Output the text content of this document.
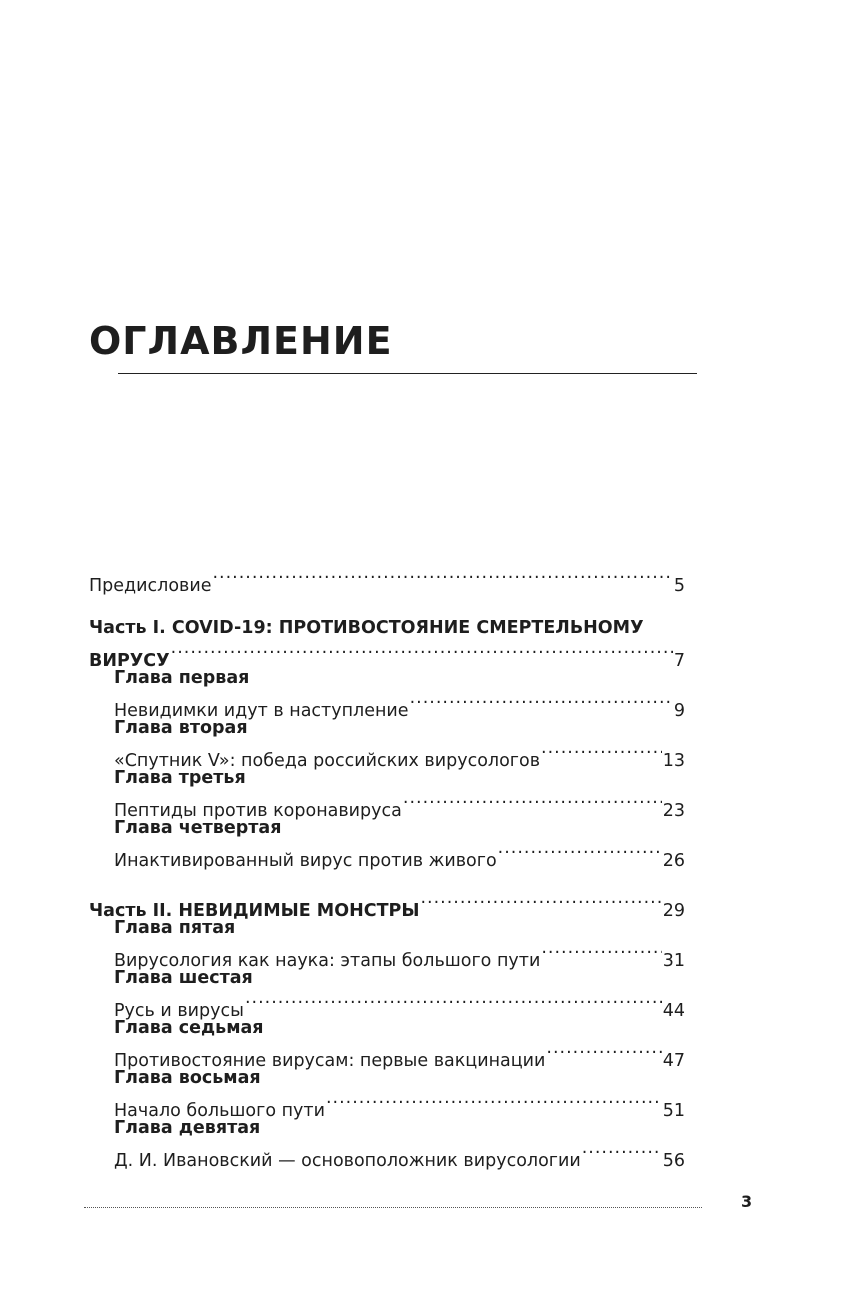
ОГЛАВЛЕНИЕ
Предисловие .....	5
Часть I. COVID-19: ПРОТИВОСТОЯНИЕ СМЕРТЕЛЬНОМУ
ВИРУСУ .....	7
Глава первая
Невидимки идут в наступление .....	9
Глава вторая
«Спутник V»: победа российских вирусологов .....	13
Глава третья
Пептиды против коронавируса .....	23
Глава четвертая
Инактивированный вирус против живого .....	26
Часть II. НЕВИДИМЫЕ МОНСТРЫ .....	29
Глава пятая
Вирусология как наука: этапы большого пути .....	31
Глава шестая
Русь и вирусы .....	44
Глава седьмая
Противостояние вирусам: первые вакцинации .....	47
Глава восьмая
Начало большого пути .....	51
Глава девятая
Д. И. Ивановский — основоположник вирусологии .....	56
3
